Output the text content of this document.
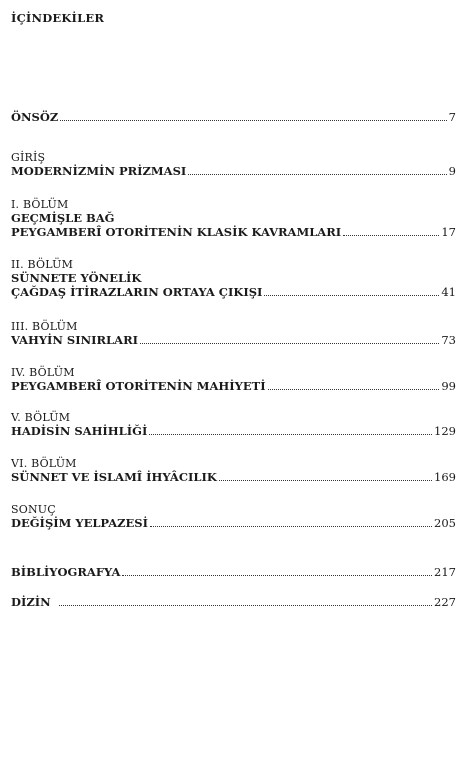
İÇİNDEKİLER
ÖNSÖZ	7
GİRİŞ
MODERNİZMİN PRİZMASI	9
I. BÖLÜM
GEÇMİŞLE BAĞ
PEYGAMBERÎ OTORİTENİN KLASİK KAVRAMLARI	17
II. BÖLÜM
SÜNNETE YÖNELİK
ÇAĞDAŞ İTİRAZLARIN ORTAYA ÇIKIŞI	41
III. BÖLÜM
VAHYİN SINIRLARI	73
IV. BÖLÜM
PEYGAMBERÎ OTORİTENİN MAHİYETİ	99
V. BÖLÜM
HADİSİN SAHİHLİĞİ	129
VI. BÖLÜM
SÜNNET VE İSLAMÎ İHYÂCILIK	169
SONUÇ
DEĞİŞİM YELPAZESİ	205
BİBLİYOGRAFYA	217
DİZİN	227
